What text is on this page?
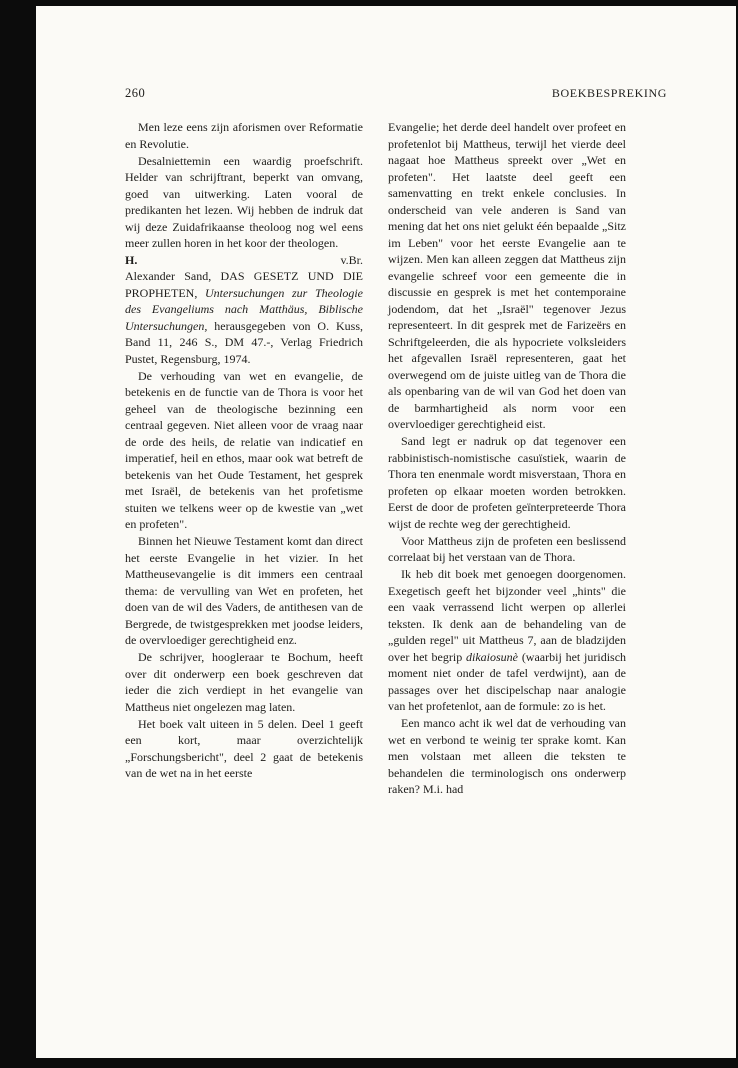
260	BOEKBESPREKING

Men leze eens zijn aforismen over Reformatie en Revolutie.

Desalniettemin een waardig proefschrift. Helder van schrijftrant, beperkt van omvang, goed van uitwerking. Laten vooral de predikanten het lezen. Wij hebben de indruk dat wij deze Zuidafrikaanse theoloog nog wel eens meer zullen horen in het koor der theologen.

H.	v.Br.

Alexander Sand, DAS GESETZ UND DIE PROPHETEN, Untersuchungen zur Theologie des Evangeliums nach Matthäus, Biblische Untersuchungen, herausgegeben von O. Kuss, Band 11, 246 S., DM 47.-, Verlag Friedrich Pustet, Regensburg, 1974.

De verhouding van wet en evangelie, de betekenis en de functie van de Thora is voor het geheel van de theologische bezinning een centraal gegeven. Niet alleen voor de vraag naar de orde des heils, de relatie van indicatief en imperatief, heil en ethos, maar ook wat betreft de betekenis van het Oude Testament, het gesprek met Israël, de betekenis van het profetisme stuiten we telkens weer op de kwestie van „wet en profeten".

Binnen het Nieuwe Testament komt dan direct het eerste Evangelie in het vizier. In het Mattheusevangelie is dit immers een centraal thema: de vervulling van Wet en profeten, het doen van de wil des Vaders, de antithesen van de Bergrede, de twistgesprekken met joodse leiders, de overvloediger gerechtigheid enz.

De schrijver, hoogleraar te Bochum, heeft over dit onderwerp een boek geschreven dat ieder die zich verdiept in het evangelie van Mattheus niet ongelezen mag laten.

Het boek valt uiteen in 5 delen. Deel 1 geeft een kort, maar overzichtelijk „Forschungsbericht", deel 2 gaat de betekenis van de wet na in het eerste

Evangelie; het derde deel handelt over profeet en profetenlot bij Mattheus, terwijl het vierde deel nagaat hoe Mattheus spreekt over „Wet en profeten". Het laatste deel geeft een samenvatting en trekt enkele conclusies. In onderscheid van vele anderen is Sand van mening dat het ons niet gelukt één bepaalde „Sitz im Leben" voor het eerste Evangelie aan te wijzen. Men kan alleen zeggen dat Mattheus zijn evangelie schreef voor een gemeente die in discussie en gesprek is met het contemporaine jodendom, dat het „Israël" tegenover Jezus representeert. In dit gesprek met de Farizeërs en Schriftgeleerden, die als hypocriete volksleiders het afgevallen Israël representeren, gaat het overwegend om de juiste uitleg van de Thora die als openbaring van de wil van God het doen van de barmhartigheid als norm voor een overvloediger gerechtigheid eist.

Sand legt er nadruk op dat tegenover een rabbinistisch-nomistische casuïstiek, waarin de Thora ten enenmale wordt misverstaan, Thora en profeten op elkaar moeten worden betrokken. Eerst de door de profeten geïnterpreteerde Thora wijst de rechte weg der gerechtigheid.

Voor Mattheus zijn de profeten een beslissend correlaat bij het verstaan van de Thora.

Ik heb dit boek met genoegen doorgenomen. Exegetisch geeft het bijzonder veel „hints" die een vaak verrassend licht werpen op allerlei teksten. Ik denk aan de behandeling van de „gulden regel" uit Mattheus 7, aan de bladzijden over het begrip dikaiosunè (waarbij het juridisch moment niet onder de tafel verdwijnt), aan de passages over het discipelschap naar analogie van het profetenlot, aan de formule: zo is het.

Een manco acht ik wel dat de verhouding van wet en verbond te weinig ter sprake komt. Kan men volstaan met alleen die teksten te behandelen die terminologisch ons onderwerp raken? M.i. had
